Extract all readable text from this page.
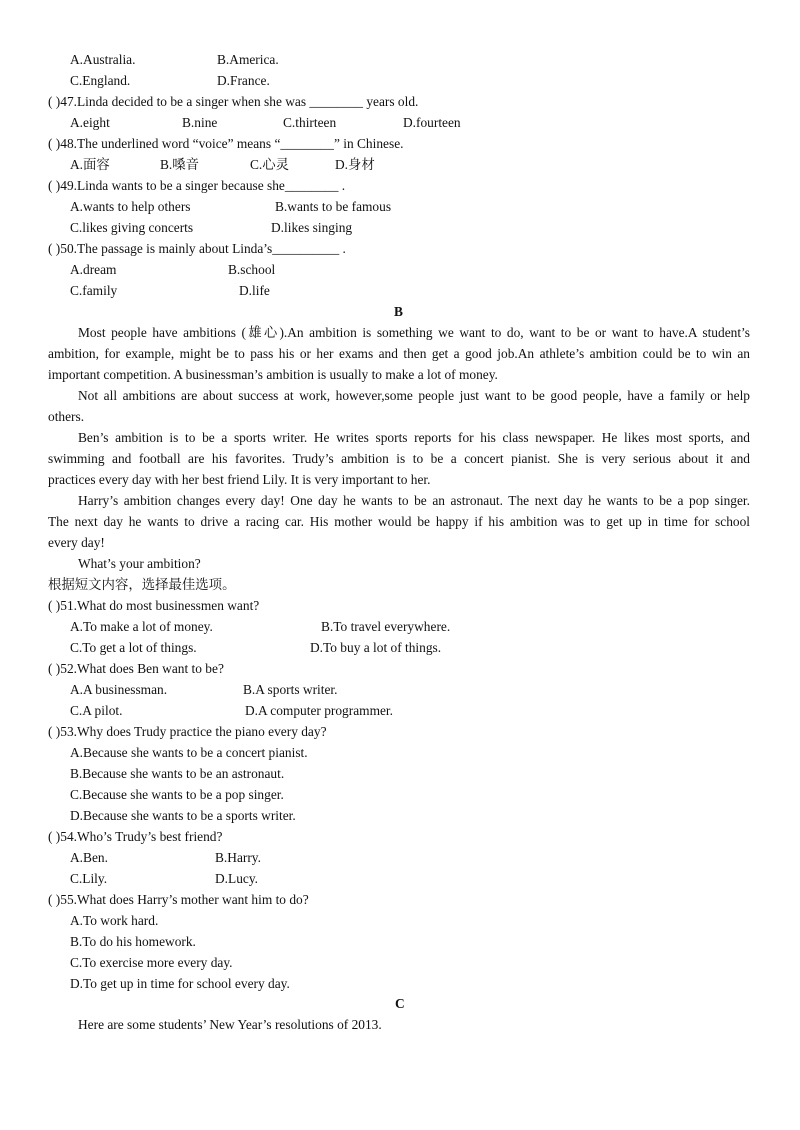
A.Australia.	B.America.
C.England.	D.France.
( )47.Linda decided to be a singer when she was ________ years old.
A.eight	B.nine	C.thirteen	D.fourteen
( )48.The underlined word “voice” means “________” in Chinese.
A.面容	B.嗓音	C.心灵	D.身材
( )49.Linda wants to be a singer because she________ .
A.wants to help others	B.wants to be famous
C.likes giving concerts	D.likes singing
( )50.The passage is mainly about Linda’s__________ .
A.dream	B.school
C.family	D.life
B
Most people have ambitions (雄心).An ambition is something we want to do, want to be or want to have.A student’s
ambition, for example, might be to pass his or her exams and then get a good job.An athlete’s ambition could be to win an
important competition. A businessman’s ambition is usually to make a lot of money.
Not all ambitions are about success at work, however,some people just want to be good people, have a family or help
others.
Ben’s ambition is to be a sports writer. He writes sports reports for his class newspaper. He likes most sports, and
swimming and football are his favorites. Trudy’s ambition is to be a concert pianist. She is very serious about it and
practices every day with her best friend Lily. It is very important to her.
Harry’s ambition changes every day! One day he wants to be an astronaut. The next day he wants to be a pop singer.
The next day he wants to drive a racing car. His mother would be happy if his ambition was to get up in time for school
every day!
What’s your ambition?
根据短文内容，选择最佳选项。
( )51.What do most businessmen want?
A.To make a lot of money.	B.To travel everywhere.
C.To get a lot of things.	D.To buy a lot of things.
( )52.What does Ben want to be?
A.A businessman.	B.A sports writer.
C.A pilot.	D.A computer programmer.
( )53.Why does Trudy practice the piano every day?
A.Because she wants to be a concert pianist.
B.Because she wants to be an astronaut.
C.Because she wants to be a pop singer.
D.Because she wants to be a sports writer.
( )54.Who’s Trudy’s best friend?
A.Ben.	B.Harry.
C.Lily.	D.Lucy.
( )55.What does Harry’s mother want him to do?
A.To work hard.
B.To do his homework.
C.To exercise more every day.
D.To get up in time for school every day.
C
Here are some students’ New Year’s resolutions of 2013.
